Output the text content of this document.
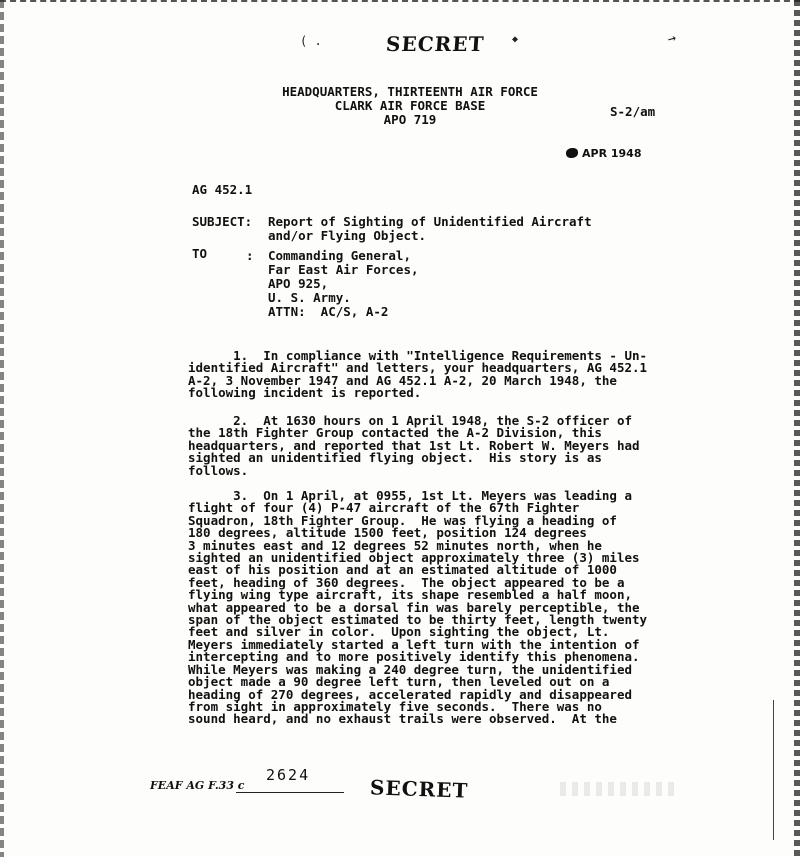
( .	SECRET	◆	↗
HEADQUARTERS, THIRTEENTH AIR FORCE
CLARK AIR FORCE BASE
APO 719
S-2/am
APR 1948
AG 452.1
SUBJECT: Report of Sighting of Unidentified Aircraft
and/or Flying Object.
TO	: Commanding General,
Far East Air Forces,
APO 925,
U. S. Army.
ATTN:  AC/S, A-2
1.  In compliance with "Intelligence Requirements - Un-
identified Aircraft" and letters, your headquarters, AG 452.1
A-2, 3 November 1947 and AG 452.1 A-2, 20 March 1948, the
following incident is reported.
2.  At 1630 hours on 1 April 1948, the S-2 officer of
the 18th Fighter Group contacted the A-2 Division, this
headquarters, and reported that 1st Lt. Robert W. Meyers had
sighted an unidentified flying object.  His story is as
follows.
3.  On 1 April, at 0955, 1st Lt. Meyers was leading a
flight of four (4) P-47 aircraft of the 67th Fighter
Squadron, 18th Fighter Group.  He was flying a heading of
180 degrees, altitude 1500 feet, position 124 degrees
3 minutes east and 12 degrees 52 minutes north, when he
sighted an unidentified object approximately three (3) miles
east of his position and at an estimated altitude of 1000
feet, heading of 360 degrees.  The object appeared to be a
flying wing type aircraft, its shape resembled a half moon,
what appeared to be a dorsal fin was barely perceptible, the
span of the object estimated to be thirty feet, length twenty
feet and silver in color.  Upon sighting the object, Lt.
Meyers immediately started a left turn with the intention of
intercepting and to more positively identify this phenomena.
While Meyers was making a 240 degree turn, the unidentified
object made a 90 degree left turn, then leveled out on a
heading of 270 degrees, accelerated rapidly and disappeared
from sight in approximately five seconds.  There was no
sound heard, and no exhaust trails were observed.  At the
FEAF AG F.33 c
2624
SECRET
